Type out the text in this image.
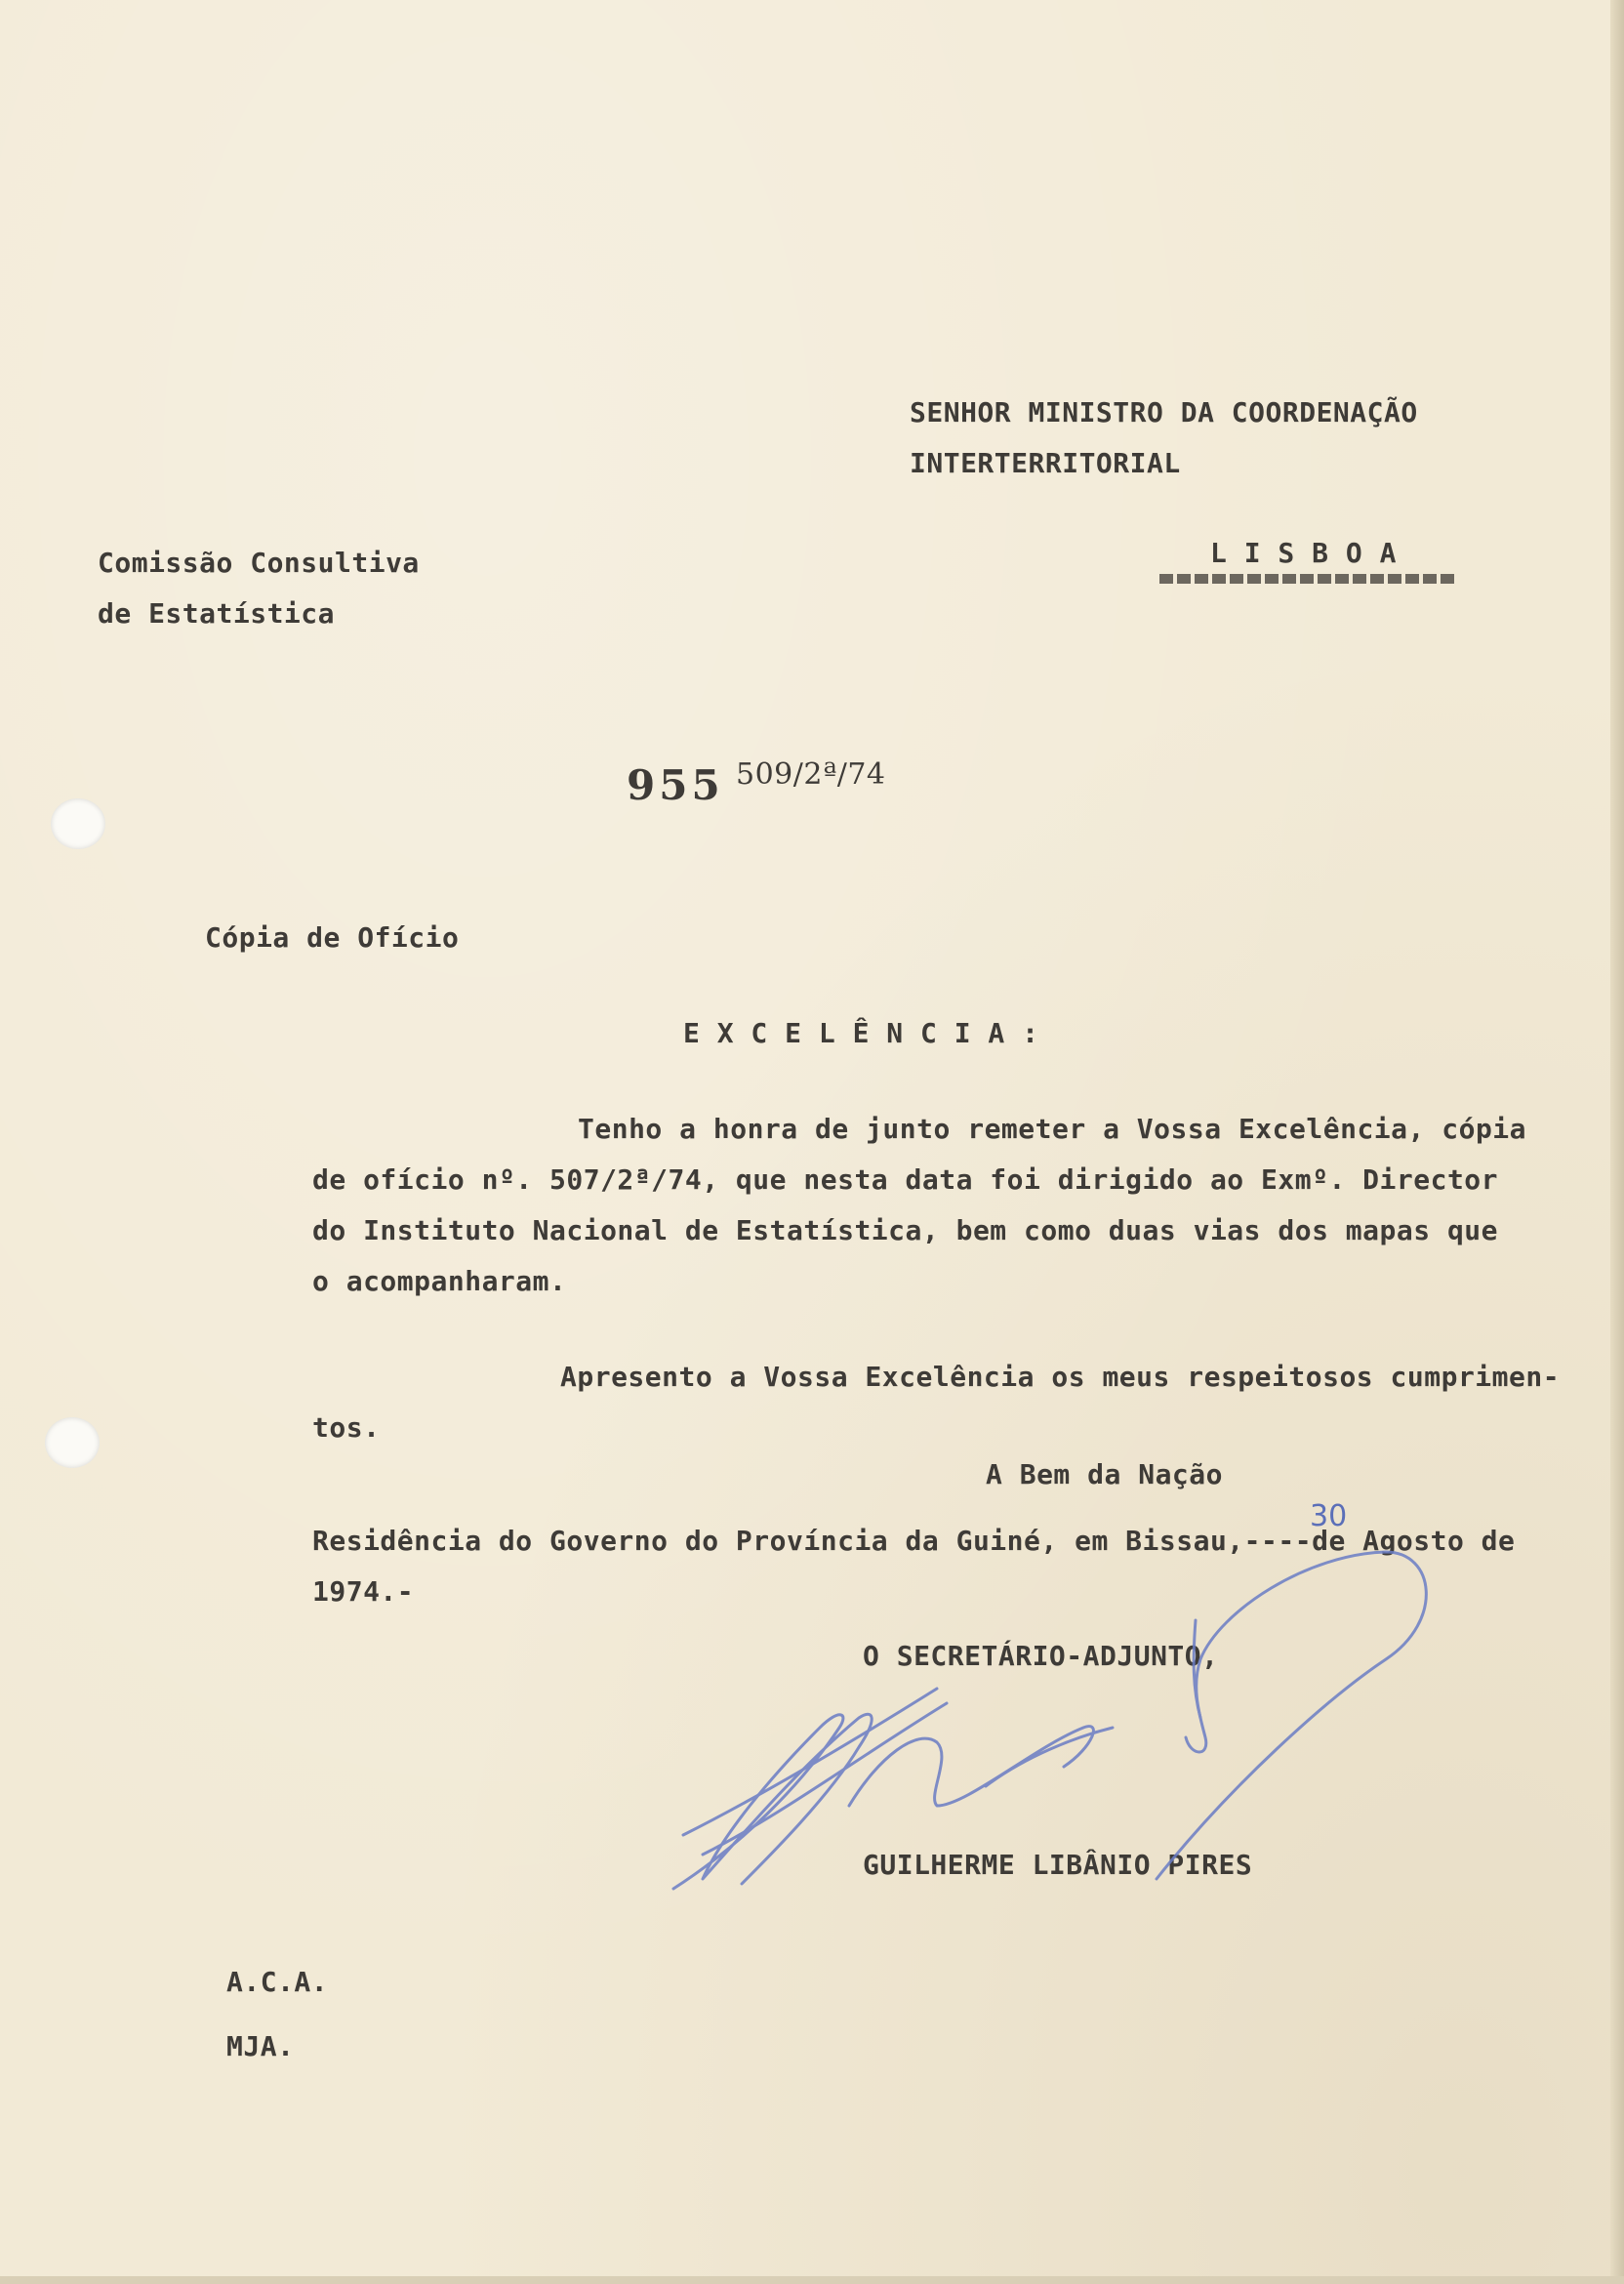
SENHOR MINISTRO DA COORDENAÇÃO
INTERTERRITORIAL
L I S B O A
Comissão Consultiva
de Estatística
955 509/2ª/74
Cópia de Ofício
E X C E L Ê N C I A :
Tenho a honra de junto remeter a Vossa Excelência, cópia
de ofício nº. 507/2ª/74, que nesta data foi dirigido ao Exmº. Director
do Instituto Nacional de Estatística, bem como duas vias dos mapas que
o acompanharam.
Apresento a Vossa Excelência os meus respeitosos cumprimen-
tos.
A Bem da Nação
Residência do Governo do Província da Guiné, em Bissau,----de Agosto de
1974.-
30
O SECRETÁRIO-ADJUNTO,
GUILHERME LIBÂNIO PIRES
A.C.A.
MJA.
